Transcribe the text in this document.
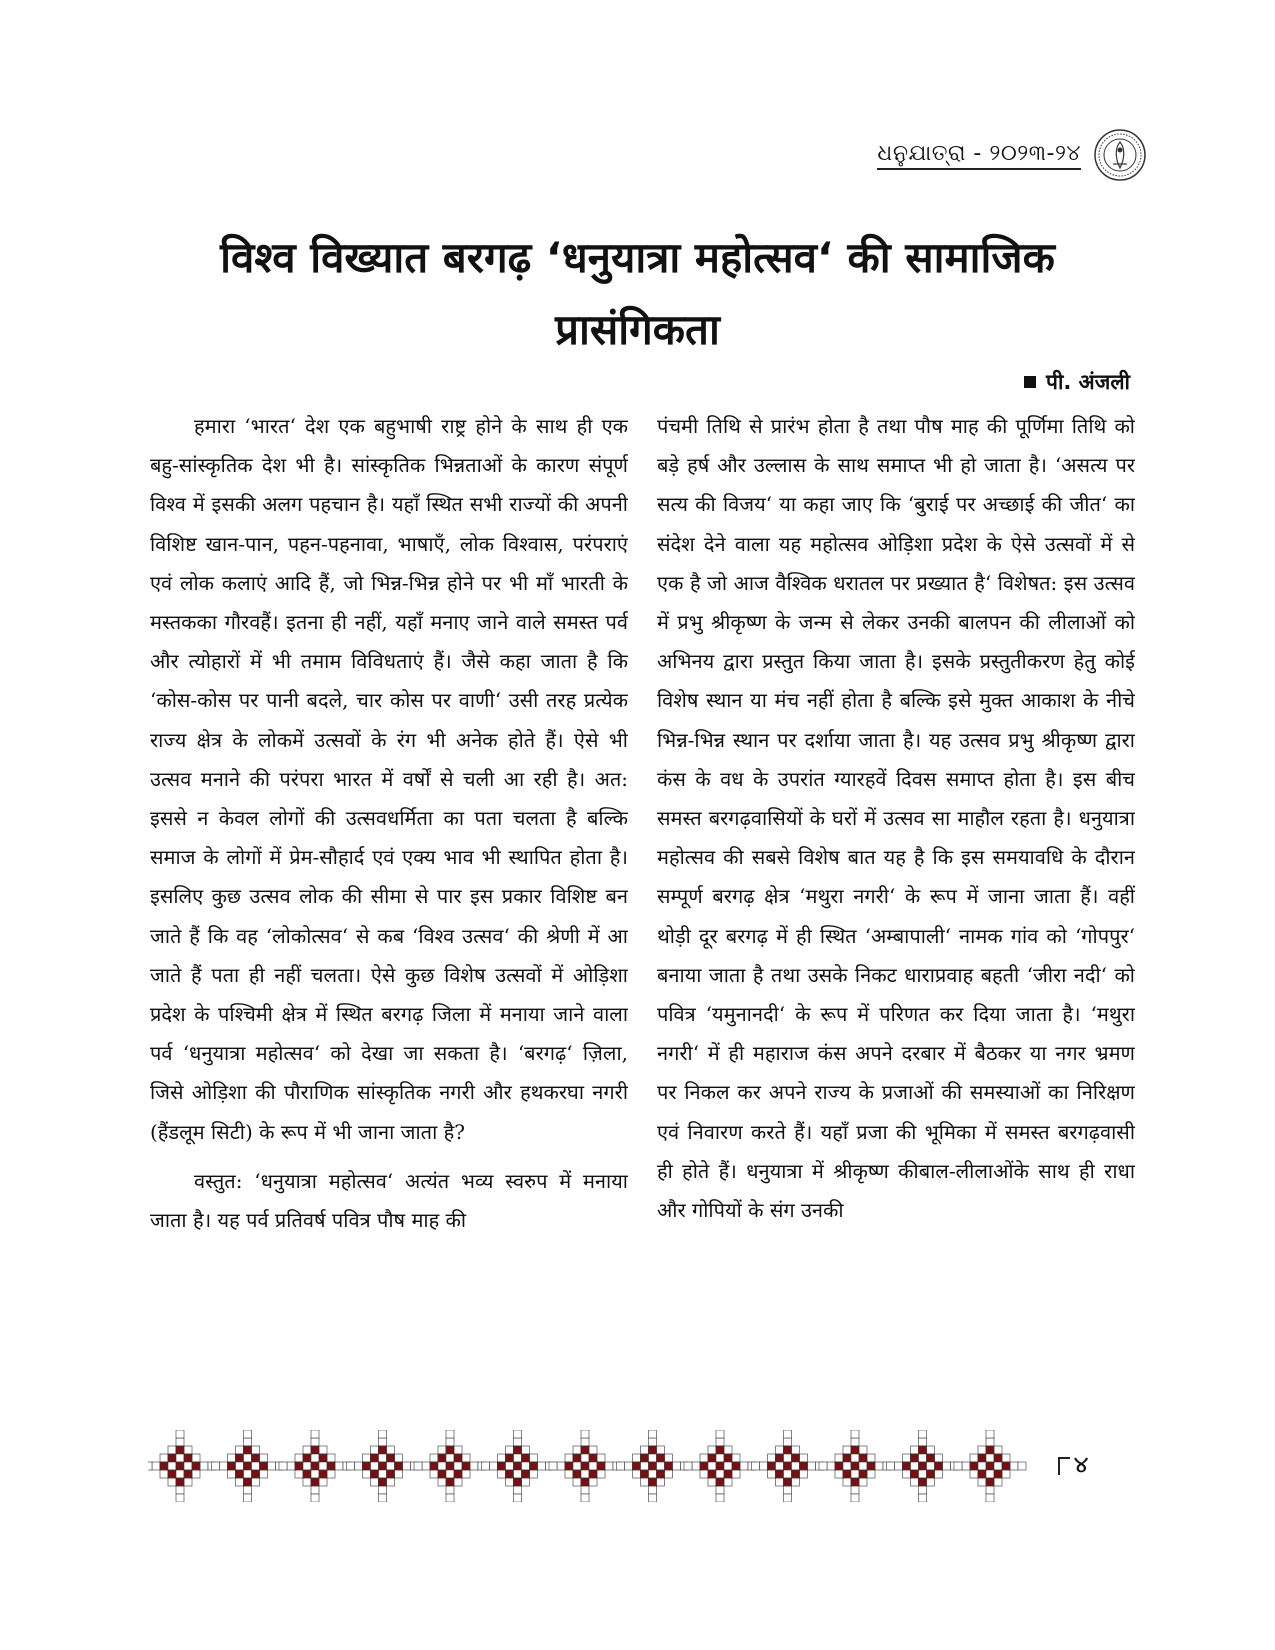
ଧନୁଯାତ୍ରା - ୨୦୨୩-୨୪
विश्व विख्यात बरगढ़ ‘धनुयात्रा महोत्सव‘ की सामाजिक
प्रासंगिकता
पी. अंजली

हमारा ‘भारत‘ देश एक बहुभाषी राष्ट्र होने के साथ ही एक बहु-सांस्कृतिक देश भी है। सांस्कृतिक भिन्नताओं के कारण संपूर्ण विश्व में इसकी अलग पहचान है। यहाँ स्थित सभी राज्यों की अपनी विशिष्ट खान-पान, पहन-पहनावा, भाषाएँ, लोक विश्वास, परंपराएं एवं लोक कलाएं आदि हैं, जो भिन्न-भिन्न होने पर भी माँ भारती के मस्तकका गौरवहैं। इतना ही नहीं, यहाँ मनाए जाने वाले समस्त पर्व और त्योहारों में भी तमाम विविधताएं हैं। जैसे कहा जाता है कि ‘कोस-कोस पर पानी बदले, चार कोस पर वाणी‘ उसी तरह प्रत्येक राज्य क्षेत्र के लोकमें उत्सवों के रंग भी अनेक होते हैं। ऐसे भी उत्सव मनाने की परंपरा भारत में वर्षों से चली आ रही है। अत: इससे न केवल लोगों की उत्सवधर्मिता का पता चलता है बल्कि समाज के लोगों में प्रेम-सौहार्द एवं एक्य भाव भी स्थापित होता है। इसलिए कुछ उत्सव लोक की सीमा से पार इस प्रकार विशिष्ट बन जाते हैं कि वह ‘लोकोत्सव‘ से कब ‘विश्व उत्सव‘ की श्रेणी में आ जाते हैं पता ही नहीं चलता। ऐसे कुछ विशेष उत्सवों में ओड़िशा प्रदेश के पश्चिमी क्षेत्र में स्थित बरगढ़ जिला में मनाया जाने वाला पर्व ‘धनुयात्रा महोत्सव‘ को देखा जा सकता है। ‘बरगढ़‘ ज़िला, जिसे ओड़िशा की पौराणिक सांस्कृतिक नगरी और हथकरघा नगरी (हैंडलूम सिटी) के रूप में भी जाना जाता है?

वस्तुत: ‘धनुयात्रा महोत्सव‘ अत्यंत भव्य स्वरुप में मनाया जाता है। यह पर्व प्रतिवर्ष पवित्र पौष माह की

पंचमी तिथि से प्रारंभ होता है तथा पौष माह की पूर्णिमा तिथि को बड़े हर्ष और उल्लास के साथ समाप्त भी हो जाता है। ‘असत्य पर सत्य की विजय‘ या कहा जाए कि ‘बुराई पर अच्छाई की जीत‘ का संदेश देने वाला यह महोत्सव ओड़िशा प्रदेश के ऐसे उत्सवों में से एक है जो आज वैश्विक धरातल पर प्रख्यात है‘ विशेषत: इस उत्सव में प्रभु श्रीकृष्ण के जन्म से लेकर उनकी बालपन की लीलाओं को अभिनय द्वारा प्रस्तुत किया जाता है। इसके प्रस्तुतीकरण हेतु कोई विशेष स्थान या मंच नहीं होता है बल्कि इसे मुक्त आकाश के नीचे भिन्न-भिन्न स्थान पर दर्शाया जाता है। यह उत्सव प्रभु श्रीकृष्ण द्वारा कंस के वध के उपरांत ग्यारहवें दिवस समाप्त होता है। इस बीच समस्त बरगढ़वासियों के घरों में उत्सव सा माहौल रहता है। धनुयात्रा महोत्सव की सबसे विशेष बात यह है कि इस समयावधि के दौरान सम्पूर्ण बरगढ़ क्षेत्र ‘मथुरा नगरी‘ के रूप में जाना जाता हैं। वहीं थोड़ी दूर बरगढ़ में ही स्थित ‘अम्बापाली‘ नामक गांव को ‘गोपपुर‘ बनाया जाता है तथा उसके निकट धाराप्रवाह बहती ‘जीरा नदी‘ को पवित्र ‘यमुनानदी‘ के रूप में परिणत कर दिया जाता है। ‘मथुरा नगरी‘ में ही महाराज कंस अपने दरबार में बैठकर या नगर भ्रमण पर निकल कर अपने राज्य के प्रजाओं की समस्याओं का निरिक्षण एवं निवारण करते हैं। यहाँ प्रजा की भूमिका में समस्त बरगढ़वासी ही होते हैं। धनुयात्रा में श्रीकृष्ण कीबाल-लीलाओंके साथ ही राधा और गोपियों के संग उनकी

୪
